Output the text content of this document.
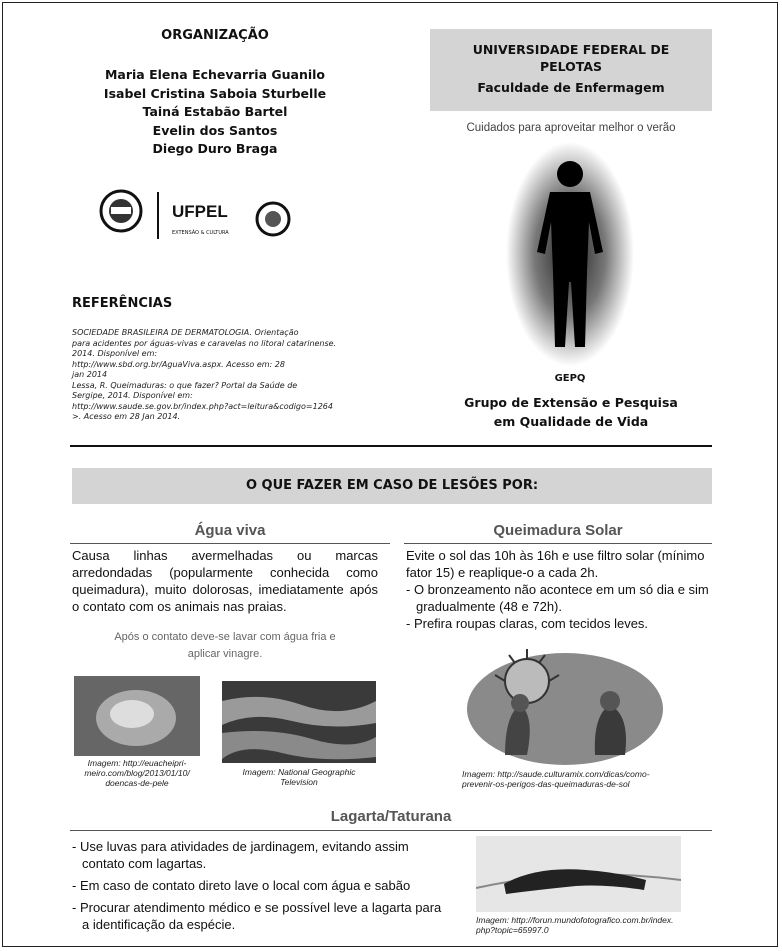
ORGANIZAÇÃO
Maria Elena Echevarria Guanilo
Isabel Cristina Saboia Sturbelle
Tainá Estabão Bartel
Evelin dos Santos
Diego Duro Braga
UFPEL
EXTENSÃO & CULTURA
REFERÊNCIAS
SOCIEDADE BRASILEIRA DE DERMATOLOGIA. Orientação
para acidentes por águas-vivas e caravelas no litoral catarinense.
2014. Disponível em:
http://www.sbd.org.br/AguaViva.aspx. Acesso em: 28
jan 2014
Lessa, R. Queimaduras: o que fazer? Portal da Saúde de
Sergipe, 2014. Disponível em:
http://www.saude.se.gov.br/index.php?act=leitura&codigo=1264
>. Acesso em 28 Jan 2014.
UNIVERSIDADE FEDERAL DE
PELOTAS
Faculdade de Enfermagem
Cuidados para aproveitar melhor o verão
GEPQ
Grupo de Extensão e Pesquisa
em Qualidade de Vida
O QUE FAZER EM CASO DE LESÕES POR:
Água viva
Causa linhas avermelhadas ou marcas arredondadas (popularmente conhecida como queimadura), muito dolorosas, imediatamente após o contato com os animais nas praias.
Após o contato deve-se lavar com água fria e
aplicar vinagre.
Imagem: http://euacheipri-
meiro.com/blog/2013/01/10/
doencas-de-pele
Imagem: National Geographic
Television
Queimadura Solar
Evite o sol das 10h às 16h e use filtro solar (mínimo
fator 15) e reaplique-o a cada 2h.
- O bronzeamento não acontece em um só dia e sim
gradualmente (48 e 72h).
- Prefira roupas claras, com tecidos leves.
Imagem: http://saude.culturamix.com/dicas/como-
prevenir-os-perigos-das-queimaduras-de-sol
Lagarta/Taturana
- Use luvas para atividades de jardinagem, evitando assim
contato com lagartas.
- Em caso de contato direto lave o local com água e sabão
- Procurar atendimento médico e se possível leve a lagarta para
a identificação da espécie.	Imagem: http://forun.mundofotografico.com.br/index.
php?topic=65997.0
